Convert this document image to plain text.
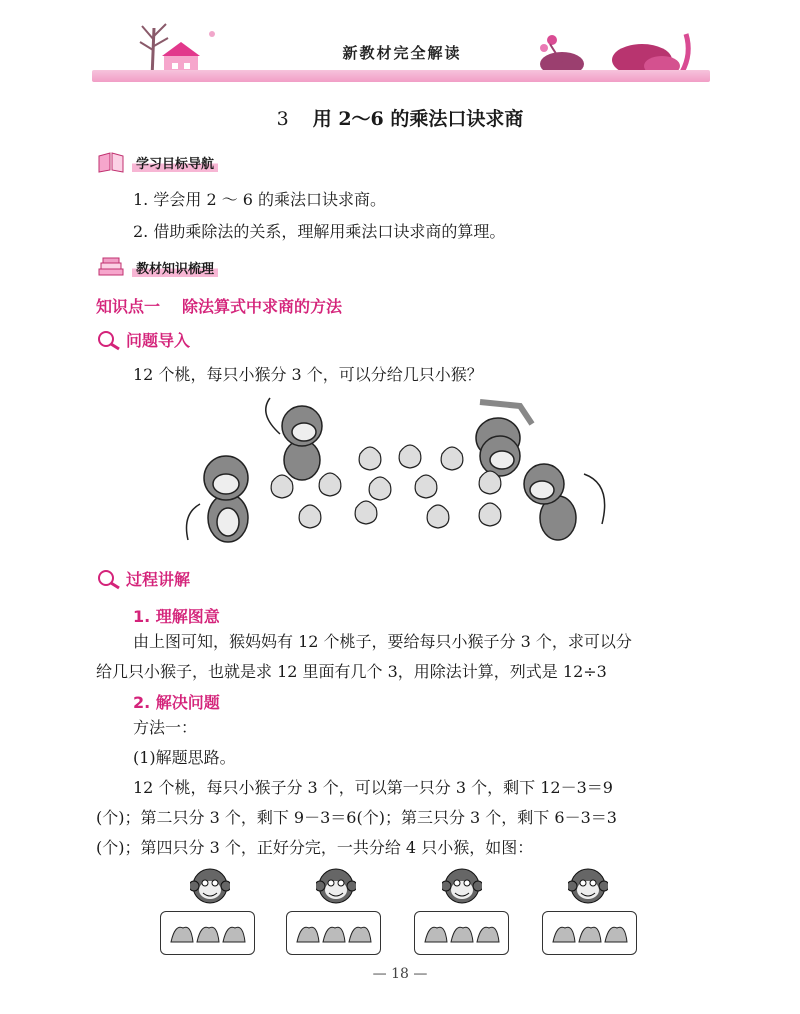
新教材完全解读
3 用 2～6 的乘法口诀求商
学习目标导航
1. 学会用 2 ～ 6 的乘法口诀求商。
2. 借助乘除法的关系，理解用乘法口诀求商的算理。
教材知识梳理
知识点一 除法算式中求商的方法
问题导入
12 个桃，每只小猴分 3 个，可以分给几只小猴？
过程讲解
1. 理解图意
由上图可知，猴妈妈有 12 个桃子，要给每只小猴子分 3 个，求可以分
给几只小猴子，也就是求 12 里面有几个 3，用除法计算，列式是 12÷3
2. 解决问题
方法一：
(1)解题思路。
12 个桃，每只小猴子分 3 个，可以第一只分 3 个，剩下 12－3＝9
(个)；第二只分 3 个，剩下 9－3＝6(个)；第三只分 3 个，剩下 6－3＝3
(个)；第四只分 3 个，正好分完，一共分给 4 只小猴，如图：
— 18 —
